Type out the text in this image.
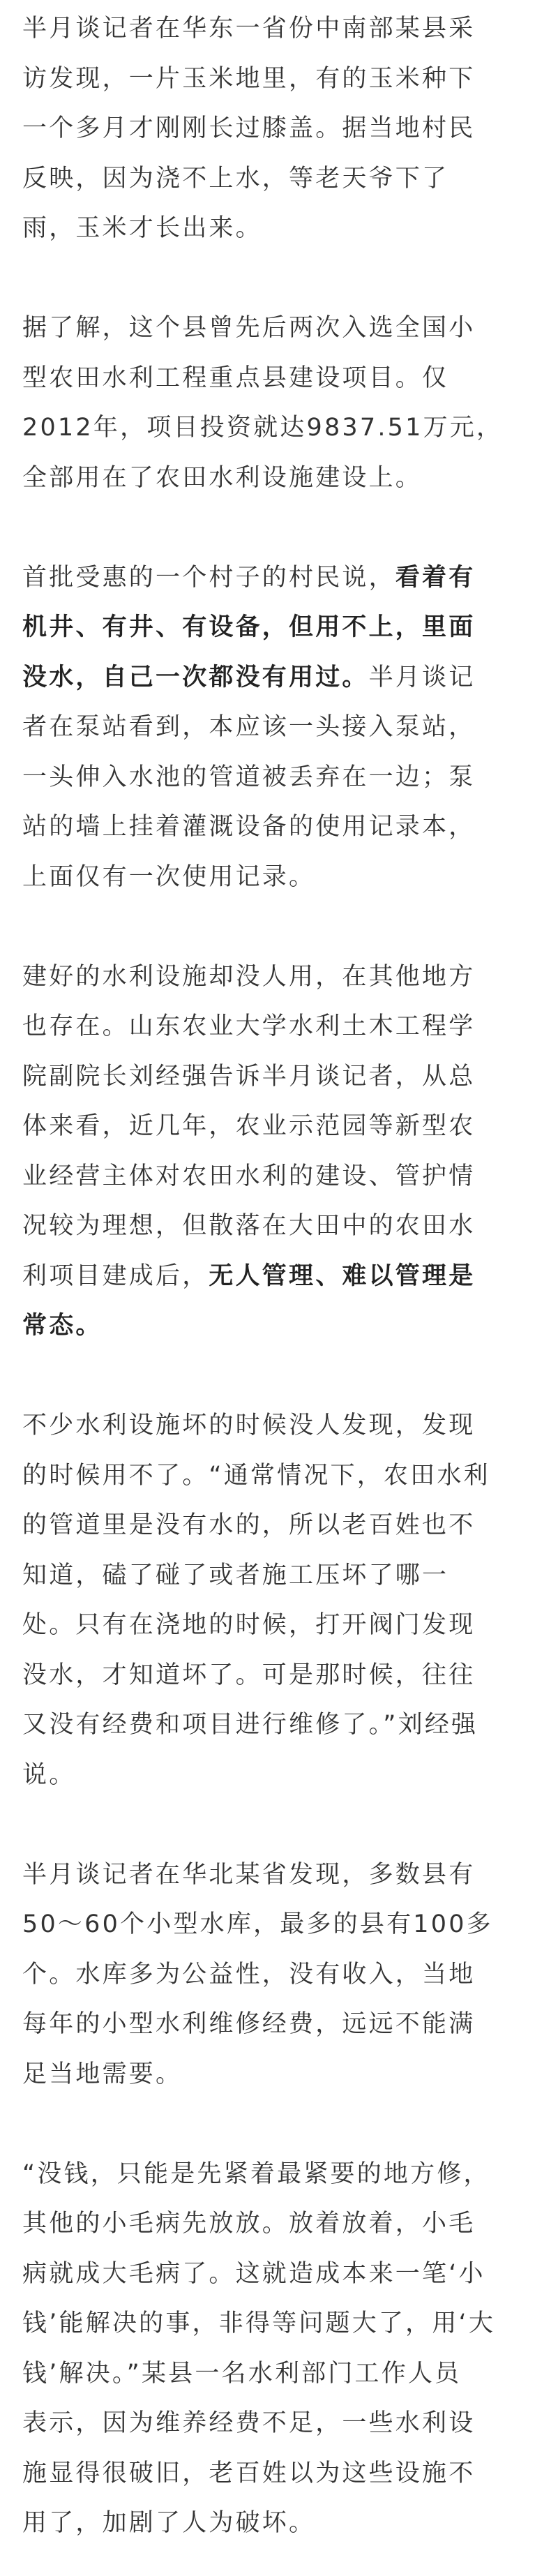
半月谈记者在华东一省份中南部某县采
访发现，一片玉米地里，有的玉米种下
一个多月才刚刚长过膝盖。据当地村民
反映，因为浇不上水，等老天爷下了
雨，玉米才长出来。
据了解，这个县曾先后两次入选全国小
型农田水利工程重点县建设项目。仅
2012年，项目投资就达9837.51万元，
全部用在了农田水利设施建设上。
首批受惠的一个村子的村民说，看着有
机井、有井、有设备，但用不上，里面
没水，自己一次都没有用过。半月谈记
者在泵站看到，本应该一头接入泵站，
一头伸入水池的管道被丢弃在一边；泵
站的墙上挂着灌溉设备的使用记录本，
上面仅有一次使用记录。
建好的水利设施却没人用，在其他地方
也存在。山东农业大学水利土木工程学
院副院长刘经强告诉半月谈记者，从总
体来看，近几年，农业示范园等新型农
业经营主体对农田水利的建设、管护情
况较为理想，但散落在大田中的农田水
利项目建成后，无人管理、难以管理是
常态。
不少水利设施坏的时候没人发现，发现
的时候用不了。“通常情况下，农田水利
的管道里是没有水的，所以老百姓也不
知道，磕了碰了或者施工压坏了哪一
处。只有在浇地的时候，打开阀门发现
没水，才知道坏了。可是那时候，往往
又没有经费和项目进行维修了。”刘经强
说。
半月谈记者在华北某省发现，多数县有
50～60个小型水库，最多的县有100多
个。水库多为公益性，没有收入，当地
每年的小型水利维修经费，远远不能满
足当地需要。
“没钱，只能是先紧着最紧要的地方修，
其他的小毛病先放放。放着放着，小毛
病就成大毛病了。这就造成本来一笔‘小
钱’能解决的事，非得等问题大了，用‘大
钱’解决。”某县一名水利部门工作人员
表示，因为维养经费不足，一些水利设
施显得很破旧，老百姓以为这些设施不
用了，加剧了人为破坏。
